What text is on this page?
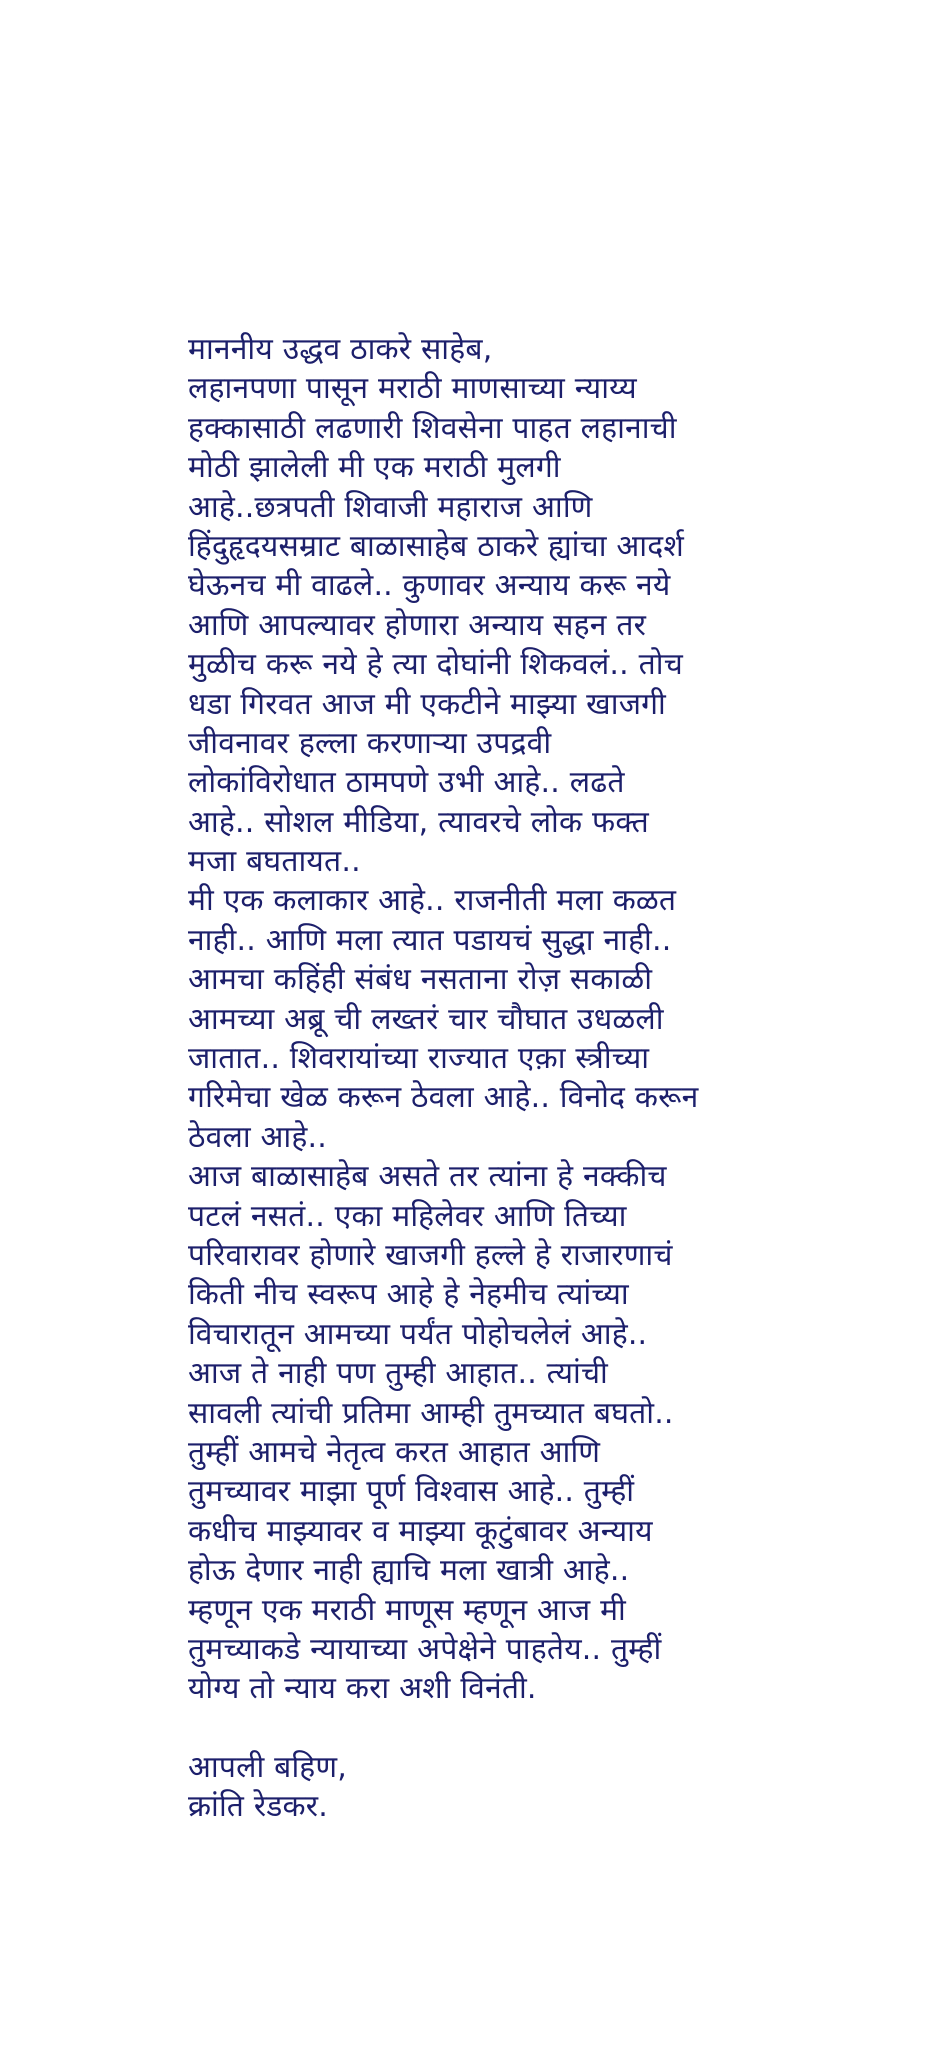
माननीय उद्धव ठाकरे साहेब,
लहानपणा पासून मराठी माणसाच्या न्याय्य
हक्कासाठी लढणारी शिवसेना पाहत लहानाची
मोठी झालेली मी एक मराठी मुलगी
आहे..छत्रपती शिवाजी महाराज आणि
हिंदुहृदयसम्राट बाळासाहेब ठाकरे ह्यांचा आदर्श
घेऊनच मी वाढले.. कुणावर अन्याय करू नये
आणि आपल्यावर होणारा अन्याय सहन तर
मुळीच करू नये हे त्या दोघांनी शिकवलं.. तोच
धडा गिरवत आज मी एकटीने माझ्या खाजगी
जीवनावर हल्ला करणाऱ्या उपद्रवी
लोकांविरोधात ठामपणे उभी आहे.. लढते
आहे.. सोशल मीडिया, त्यावरचे लोक फक्त
मजा बघतायत..
मी एक कलाकार आहे.. राजनीती मला कळत
नाही.. आणि मला त्यात पडायचं सुद्धा नाही..
आमचा कहिंही संबंध नसताना रोज़ सकाळी
आमच्या अब्रू ची लख्तरं चार चौघात उधळली
जातात.. शिवरायांच्या राज्यात एक़ा स्त्रीच्या
गरिमेचा खेळ करून ठेवला आहे.. विनोद करून
ठेवला आहे..
आज बाळासाहेब असते तर त्यांना हे नक्कीच
पटलं नसतं.. एका महिलेवर आणि तिच्या
परिवारावर होणारे खाजगी हल्ले हे राजारणाचं
किती नीच स्वरूप आहे हे नेहमीच त्यांच्या
विचारातून आमच्या पर्यंत पोहोचलेलं आहे..
आज ते नाही पण तुम्ही आहात.. त्यांची
सावली त्यांची प्रतिमा आम्ही तुमच्यात बघतो..
तुम्हीं आमचे नेतृत्व करत आहात आणि
तुमच्यावर माझा पूर्ण विश्वास आहे.. तुम्हीं
कधीच माझ्यावर व माझ्या कूटुंबावर अन्याय
होऊ देणार नाही ह्याचि मला खात्री आहे..
म्हणून एक मराठी माणूस म्हणून आज मी
तुमच्याकडे न्यायाच्या अपेक्षेने पाहतेय.. तुम्हीं
योग्य तो न्याय करा अशी विनंती.
आपली बहिण,
क्रांति रेडकर.
